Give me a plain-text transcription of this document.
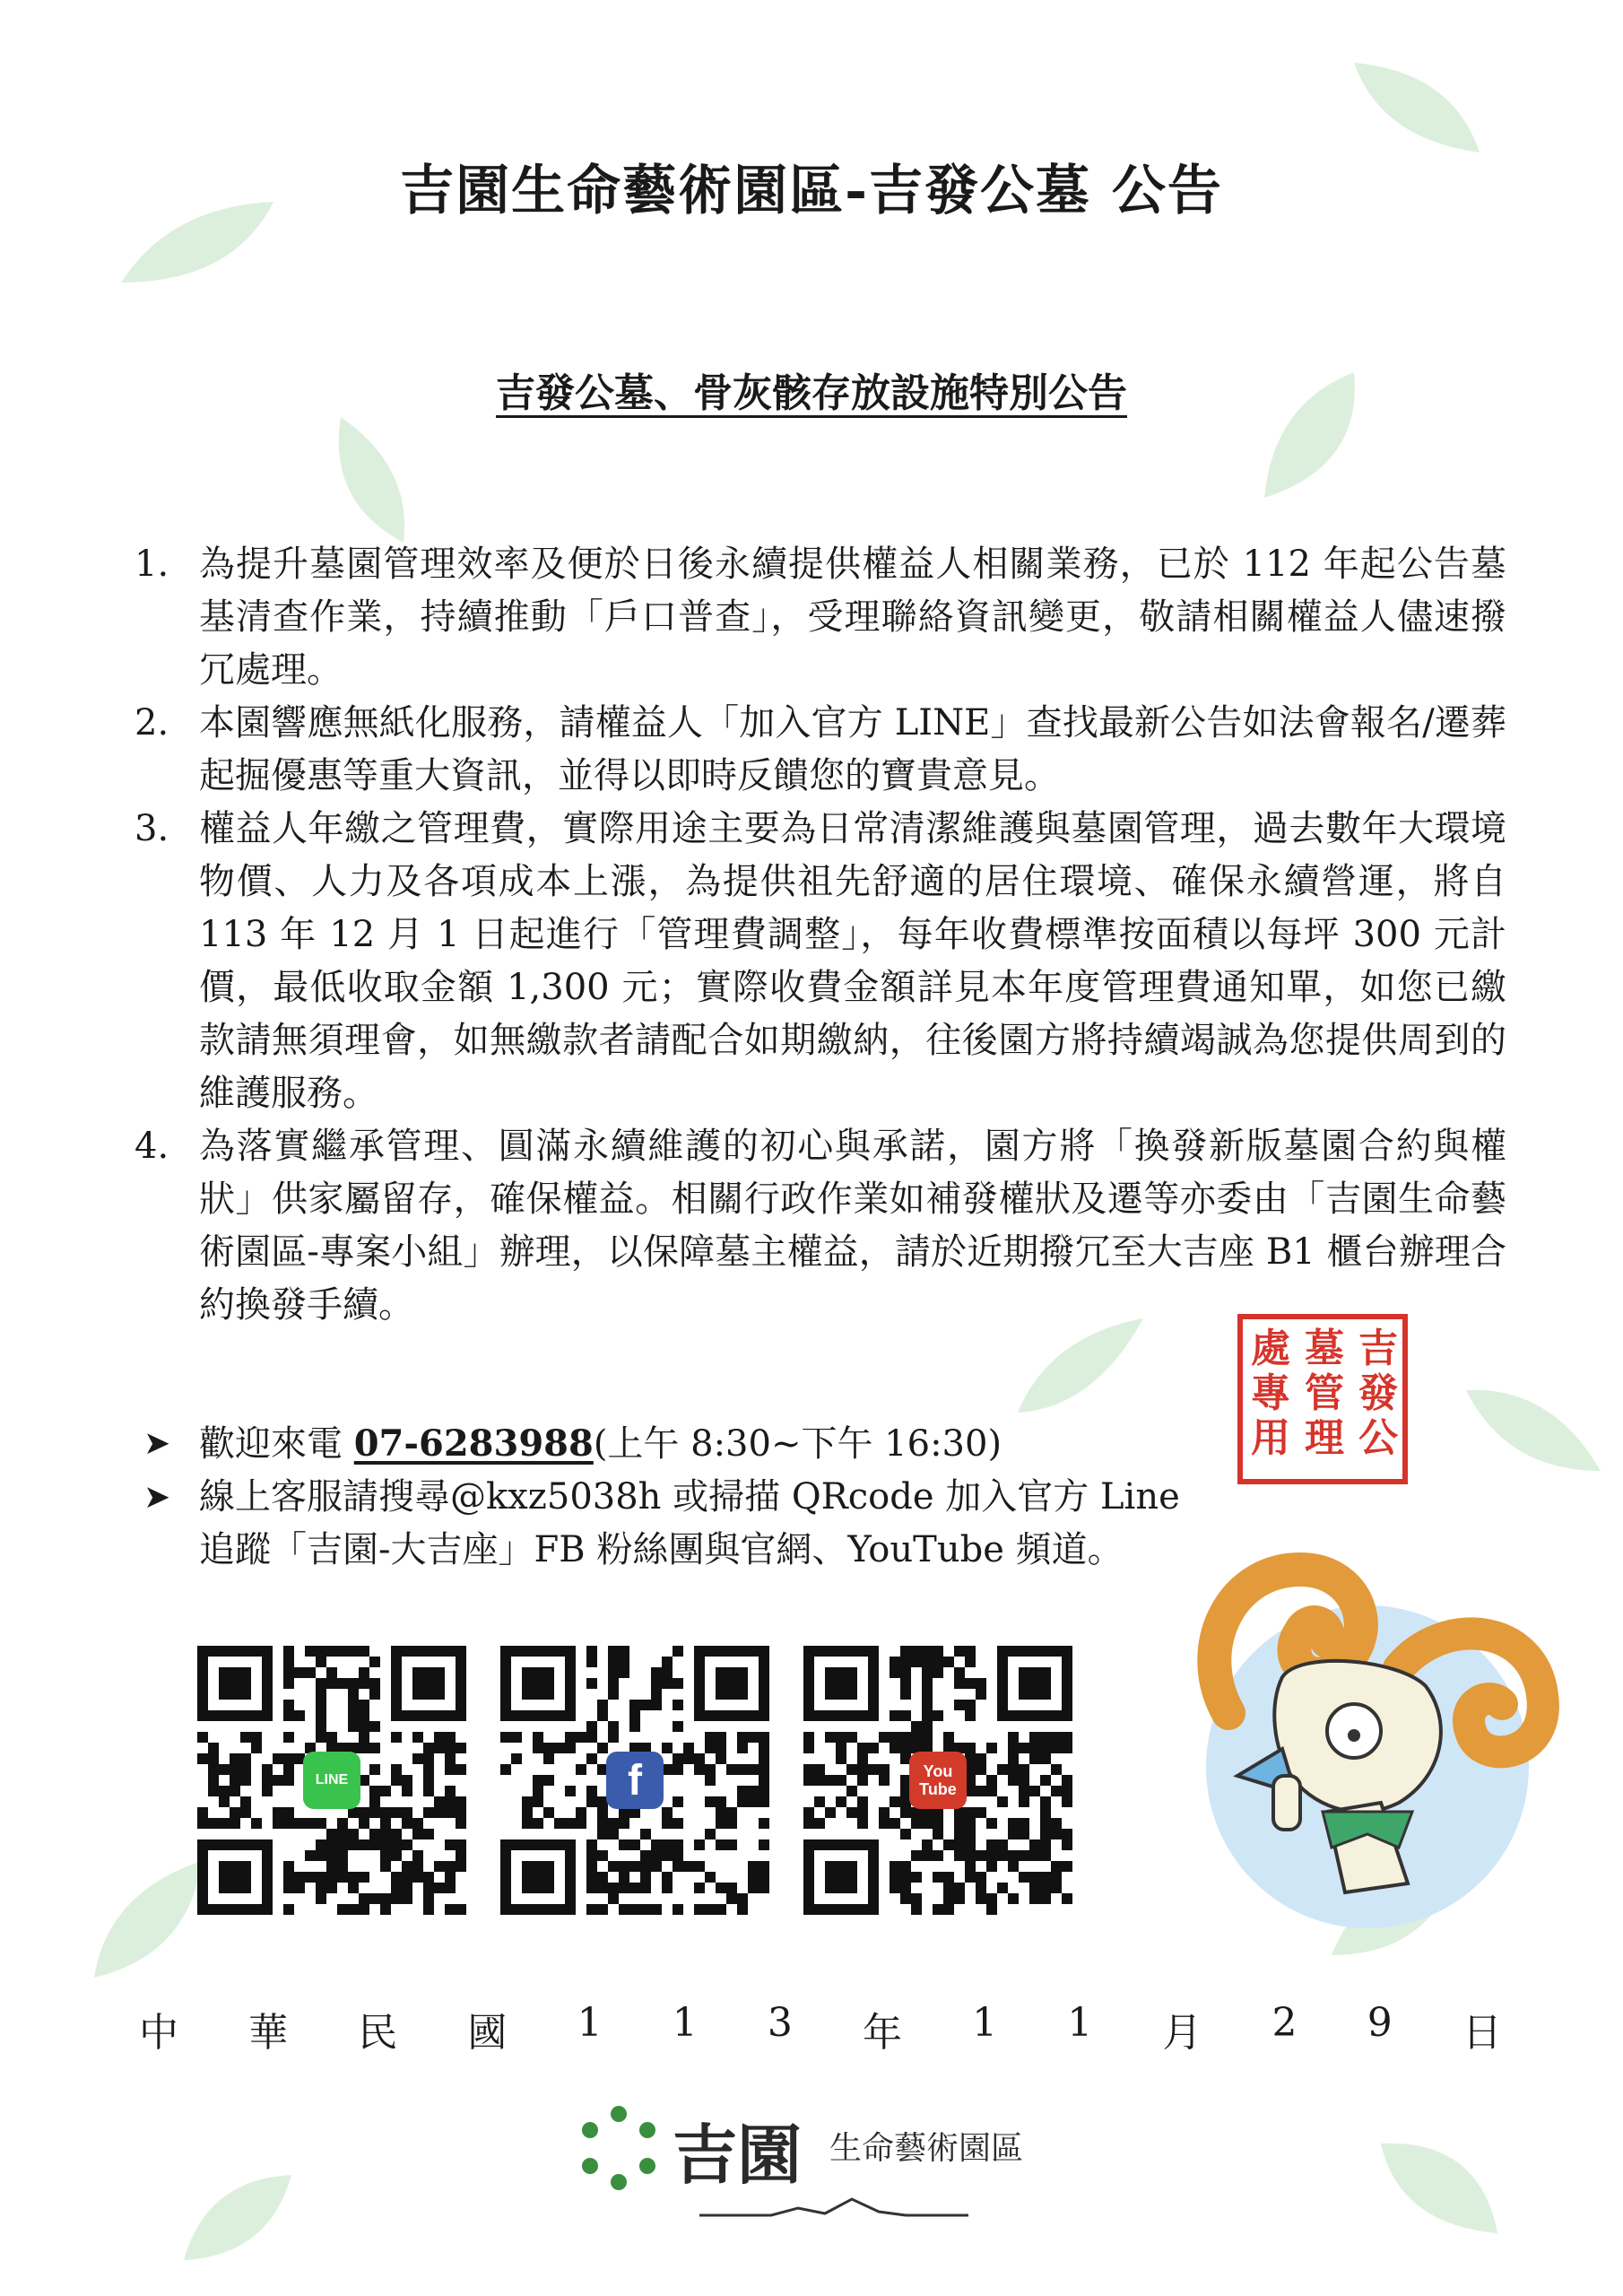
吉園生命藝術園區-吉發公墓 公告
吉發公墓、骨灰骸存放設施特別公告
1. 為提升墓園管理效率及便於日後永續提供權益人相關業務，已於 112 年起公告墓基清查作業，持續推動「戶口普查」，受理聯絡資訊變更，敬請相關權益人儘速撥冗處理。
2. 本園響應無紙化服務，請權益人「加入官方 LINE」查找最新公告如法會報名/遷葬起掘優惠等重大資訊，並得以即時反饋您的寶貴意見。
3. 權益人年繳之管理費，實際用途主要為日常清潔維護與墓園管理，過去數年大環境物價、人力及各項成本上漲，為提供祖先舒適的居住環境、確保永續營運，將自 113 年 12 月 1 日起進行「管理費調整」，每年收費標準按面積以每坪 300 元計價，最低收取金額 1,300 元；實際收費金額詳見本年度管理費通知單，如您已繳款請無須理會，如無繳款者請配合如期繳納，往後園方將持續竭誠為您提供周到的維護服務。
4. 為落實繼承管理、圓滿永續維護的初心與承諾，園方將「換發新版墓園合約與權狀」供家屬留存，確保權益。相關行政作業如補發權狀及遷等亦委由「吉園生命藝術園區-專案小組」辦理，以保障墓主權益，請於近期撥冗至大吉座 B1 櫃台辦理合約換發手續。
吉
發
公
墓
管
理
處
專
用
➤ 歡迎來電 07-6283988(上午 8:30~下午 16:30)
➤ 線上客服請搜尋@kxz5038h 或掃描 QRcode 加入官方 Line
追蹤「吉園-大吉座」FB 粉絲團與官網、YouTube 頻道。
LINE	f	You
Tube
中 華 民 國 1 1 3 年 1 1 月 2 9 日
吉園 生命藝術園區
